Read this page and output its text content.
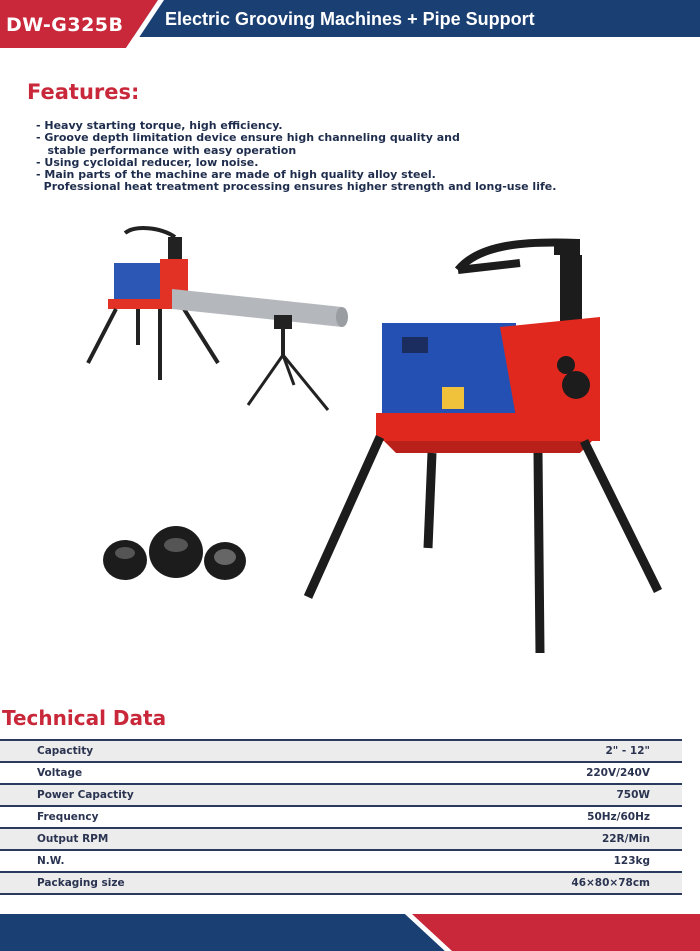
DW-G325B Electric Grooving Machines + Pipe Support
Features:
- Heavy starting torque, high efficiency.
- Groove depth limitation device ensure high channeling quality and
stable performance with easy operation
- Using cycloidal reducer, low noise.
- Main parts of the machine are made of high quality alloy steel.
Professional heat treatment processing ensures higher strength and long-use life.
Technical Data
Capactity	2" - 12"
Voltage	220V/240V
Power Capactity	750W
Frequency	50Hz/60Hz
Output RPM	22R/Min
N.W.	123kg
Packaging size	46×80×78cm
